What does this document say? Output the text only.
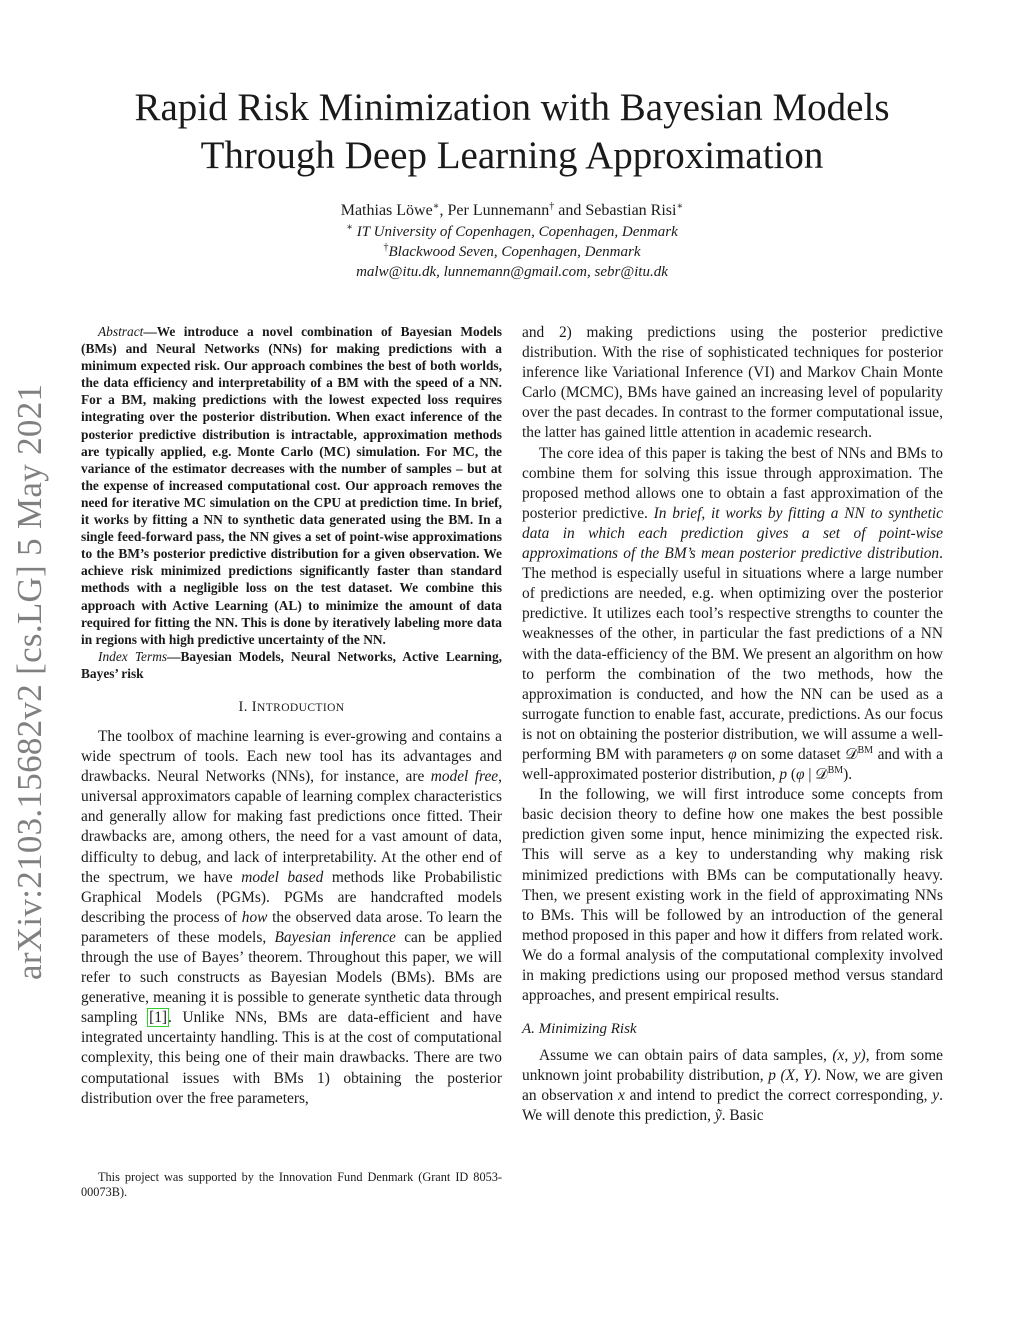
arXiv:2103.15682v2 [cs.LG] 5 May 2021
Rapid Risk Minimization with Bayesian Models
Through Deep Learning Approximation
Mathias Löwe∗, Per Lunnemann† and Sebastian Risi∗
∗ IT University of Copenhagen, Copenhagen, Denmark
†Blackwood Seven, Copenhagen, Denmark
malw@itu.dk, lunnemann@gmail.com, sebr@itu.dk

Abstract—We introduce a novel combination of Bayesian Models (BMs) and Neural Networks (NNs) for making predictions with a minimum expected risk. Our approach combines the best of both worlds, the data efficiency and interpretability of a BM with the speed of a NN. For a BM, making predictions with the lowest expected loss requires integrating over the posterior distribution. When exact inference of the posterior predictive distribution is intractable, approximation methods are typically applied, e.g. Monte Carlo (MC) simulation. For MC, the variance of the estimator decreases with the number of samples – but at the expense of increased computational cost. Our approach removes the need for iterative MC simulation on the CPU at prediction time. In brief, it works by fitting a NN to synthetic data generated using the BM. In a single feed-forward pass, the NN gives a set of point-wise approximations to the BM’s posterior predictive distribution for a given observation. We achieve risk minimized predictions significantly faster than standard methods with a negligible loss on the test dataset. We combine this approach with Active Learning (AL) to minimize the amount of data required for fitting the NN. This is done by iteratively labeling more data in regions with high predictive uncertainty of the NN.

Index Terms—Bayesian Models, Neural Networks, Active Learning, Bayes’ risk

I. INTRODUCTION

The toolbox of machine learning is ever-growing and contains a wide spectrum of tools. Each new tool has its advantages and drawbacks. Neural Networks (NNs), for instance, are model free, universal approximators capable of learning complex characteristics and generally allow for making fast predictions once fitted. Their drawbacks are, among others, the need for a vast amount of data, difficulty to debug, and lack of interpretability. At the other end of the spectrum, we have model based methods like Probabilistic Graphical Models (PGMs). PGMs are handcrafted models describing the process of how the observed data arose. To learn the parameters of these models, Bayesian inference can be applied through the use of Bayes’ theorem. Throughout this paper, we will refer to such constructs as Bayesian Models (BMs). BMs are generative, meaning it is possible to generate synthetic data through sampling [1]. Unlike NNs, BMs are data-efficient and have integrated uncertainty handling. This is at the cost of computational complexity, this being one of their main drawbacks. There are two computational issues with BMs 1) obtaining the posterior distribution over the free parameters,

This project was supported by the Innovation Fund Denmark (Grant ID 8053-00073B).

and 2) making predictions using the posterior predictive distribution. With the rise of sophisticated techniques for posterior inference like Variational Inference (VI) and Markov Chain Monte Carlo (MCMC), BMs have gained an increasing level of popularity over the past decades. In contrast to the former computational issue, the latter has gained little attention in academic research.

The core idea of this paper is taking the best of NNs and BMs to combine them for solving this issue through approximation. The proposed method allows one to obtain a fast approximation of the posterior predictive. In brief, it works by fitting a NN to synthetic data in which each prediction gives a set of point-wise approximations of the BM’s mean posterior predictive distribution. The method is especially useful in situations where a large number of predictions are needed, e.g. when optimizing over the posterior predictive. It utilizes each tool’s respective strengths to counter the weaknesses of the other, in particular the fast predictions of a NN with the data-efficiency of the BM. We present an algorithm on how to perform the combination of the two methods, how the approximation is conducted, and how the NN can be used as a surrogate function to enable fast, accurate, predictions. As our focus is not on obtaining the posterior distribution, we will assume a well-performing BM with parameters φ on some dataset 𝒟$^{BM}$ and with a well-approximated posterior distribution, p (φ | 𝒟$^{BM}$).

In the following, we will first introduce some concepts from basic decision theory to define how one makes the best possible prediction given some input, hence minimizing the expected risk. This will serve as a key to understanding why making risk minimized predictions with BMs can be computationally heavy. Then, we present existing work in the field of approximating NNs to BMs. This will be followed by an introduction of the general method proposed in this paper and how it differs from related work. We do a formal analysis of the computational complexity involved in making predictions using our proposed method versus standard approaches, and present empirical results.

A. Minimizing Risk

Assume we can obtain pairs of data samples, (x, y), from some unknown joint probability distribution, p (X, Y). Now, we are given an observation x and intend to predict the correct corresponding, y. We will denote this prediction, ỹ. Basic
